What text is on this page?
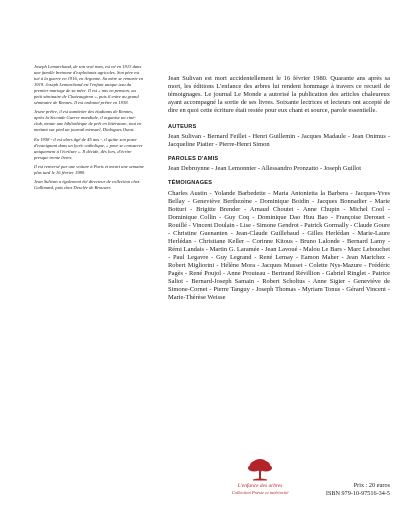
Joseph Lemarchand, de son vrai nom, est né en 1913 dans une famille bretonne d'exploitants agricoles. Son père est tué à la guerre en 1916, en Argonne. Sa mère se remarie en 1919. Joseph Lemarchand est l'enfant unique issu du premier mariage de sa mère. Il est « mis en pension, au petit séminaire de Chateaugiron », puis il entre au grand séminaire de Rennes. Il est ordonné prêtre en 1938.

Jeune prêtre, il est aumônier des étudiants de Rennes, après la Seconde Guerre mondiale, il organise un ciné-club, monte une bibliothèque de prêt en littérature, tout en mettant sur pied un journal mensuel, Dialogues Ouest.

En 1958 - il est alors âgé de 45 ans -, il quitte son poste d'enseignant dans un lycée catholique, « pour se consacrer uniquement à l'écriture ». Il décide, dès lors, d'écrire presque trente livres.

Il est renversé par une voiture à Paris et meurt une semaine plus tard le 16 février 1980.

Jean Sulivan a également été directeur de collection chez Gallimard, puis chez Desclée de Brouwer.

Jean Sulivan est mort accidentellement le 16 février 1980. Quarante ans après sa mort, les éditions L'enfance des arbres lui rendent hommage à travers ce recueil de témoignages. Le journal Le Monde a autorisé la publication des articles chaleureux ayant accompagné la sortie de ses livres. Soixante lectrices et lecteurs ont accepté de dire en quoi cette écriture était restée pour eux chant et source, parole essentielle.

AUTEURS

Jean Sulivan - Bernard Feillet - Henri Guillemin - Jacques Madaule - Jean Onimus - Jacqueline Piatier - Pierre-Henri Simon

PAROLES D'AMIS

Jean Debruynne - Jean Lemonnier - Allessandro Pronzatto - Joseph Guillot

TÉMOIGNAGES

Charles Austin - Yolande Barbedette - Maria Antonietta la Barbera - Jacques-Yves Bellay - Geneviève Berthezène - Dominique Boidin - Jacques Bonnadier - Marie Botturi - Brigitte Brender - Arnaud Choutet - Anne Chupin - Michel Cool - Dominique Collin - Guy Coq - Dominique Dao Huu Bao - Françoise Derouet - Rouillé - Vincent Doulain - Lise - Simone Gendrot - Patrick Gormally - Claude Goure - Christine Guenanten - Jean-Claude Guillebaud - Gilles Herlédan - Marie-Laure Herlédan - Christiane Keller – Corinne Kitous - Bruno Lalonde - Bernard Lamy - Rémi Landais - Martin G. Laramée - Jean Lavoué - Malou Le Bars - Marc Lebouchet - Paul Legavre - Guy Legrand - René Lemay - Eamon Maher - Jean Marichez - Robert Migliorini - Hélène Mora - Jacques Musset - Colette Nys-Mazure - Frédéric Pagès - René Poujol - Anne Prouteau - Bertrand Révillion - Gabriel Ringlet - Patrice Saliot - Bernard-Joseph Samain - Robert Scholtus - Anne Sigier - Geneviève de Simone-Cornet - Pierre Tanguy - Joseph Thomas - Myriam Tonus - Gérard Vincent - Marie-Thérèse Weisse

L'enfance des arbres
Collection Poésie et intériorité
Prix : 20 euros
ISBN 979-10-97516-34-5
